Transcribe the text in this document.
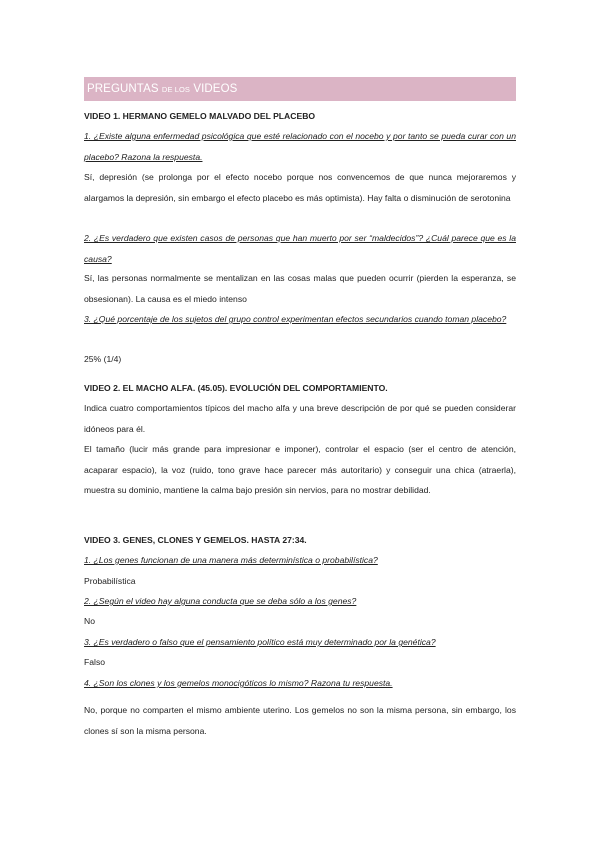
PREGUNTAS DE LOS VIDEOS

VIDEO 1. HERMANO GEMELO MALVADO DEL PLACEBO

1. ¿Existe alguna enfermedad psicológica que esté relacionado con el nocebo y por tanto se pueda curar con un placebo? Razona la respuesta.

Sí, depresión (se prolonga por el efecto nocebo porque nos convencemos de que nunca mejoraremos y alargamos la depresión, sin embargo el efecto placebo es más optimista). Hay falta o disminución de serotonina

2. ¿Es verdadero que existen casos de personas que han muerto por ser “maldecidos”? ¿Cuál parece que es la causa?

Sí, las personas normalmente se mentalizan en las cosas malas que pueden ocurrir (pierden la esperanza, se obsesionan). La causa es el miedo intenso

3. ¿Qué porcentaje de los sujetos del grupo control experimentan efectos secundarios cuando toman placebo?

25% (1/4)

VIDEO 2. EL MACHO ALFA. (45.05). EVOLUCIÓN DEL COMPORTAMIENTO.

Indica cuatro comportamientos típicos del macho alfa y una breve descripción de por qué se pueden considerar idóneos para él.

El tamaño (lucir más grande para impresionar e imponer), controlar el espacio (ser el centro de atención, acaparar espacio), la voz (ruido, tono grave hace parecer más autoritario) y conseguir una chica (atraerla), muestra su dominio, mantiene la calma bajo presión sin nervios, para no mostrar debilidad.

VIDEO 3. GENES, CLONES Y GEMELOS. HASTA 27:34.

1. ¿Los genes funcionan de una manera más determinística o probabilística?

Probabilística

2. ¿Según el video hay alguna conducta que se deba sólo a los genes?

No

3. ¿Es verdadero o falso que el pensamiento político está muy determinado por la genética?

Falso

4. ¿Son los clones y los gemelos monocigóticos lo mismo? Razona tu respuesta.

No, porque no comparten el mismo ambiente uterino. Los gemelos no son la misma persona, sin embargo, los clones sí son la misma persona.
